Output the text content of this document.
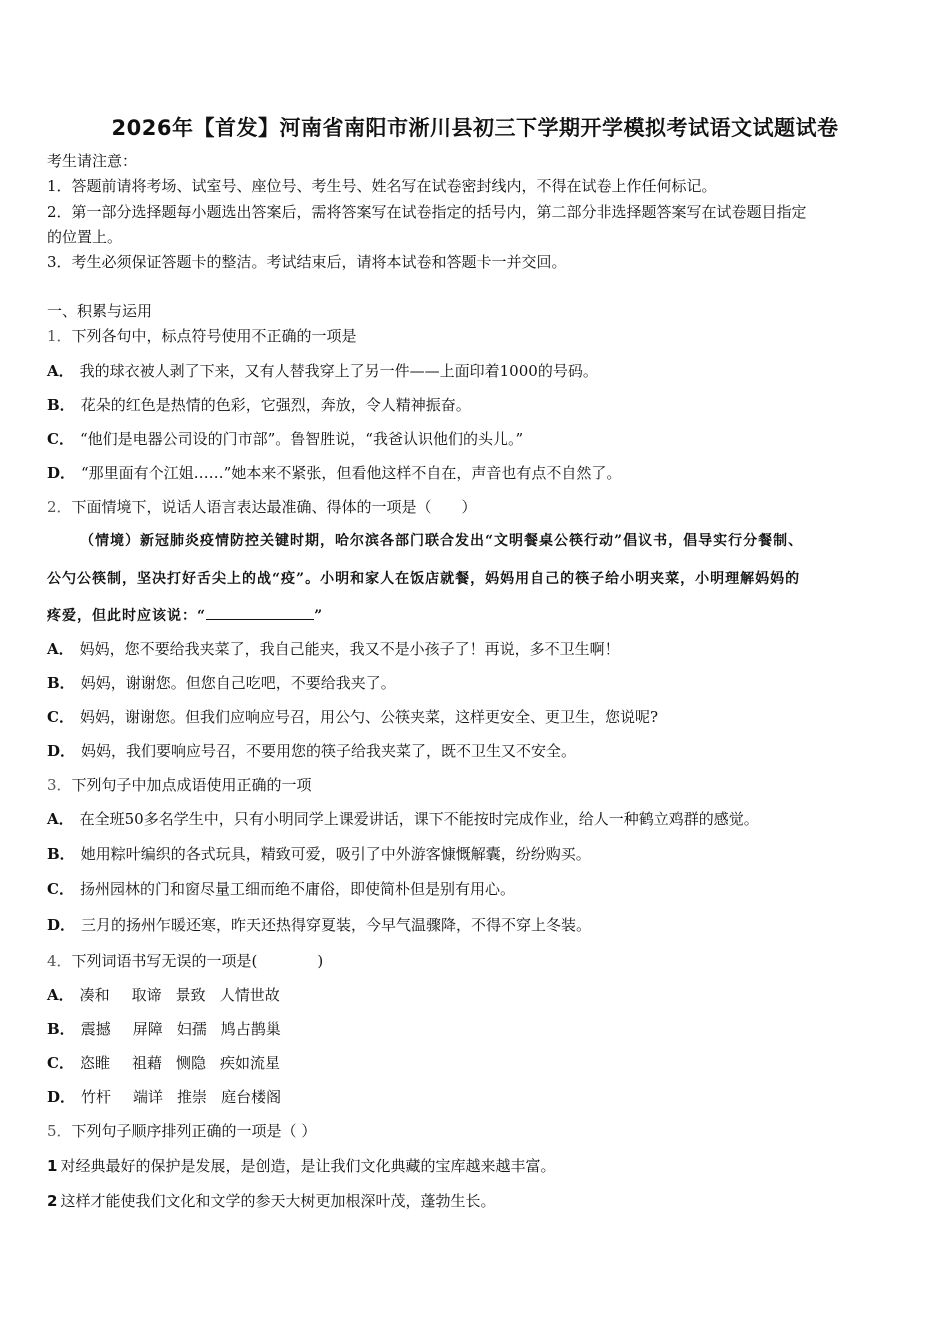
2026年【首发】河南省南阳市淅川县初三下学期开学模拟考试语文试题试卷
考生请注意：
1．答题前请将考场、试室号、座位号、考生号、姓名写在试卷密封线内，不得在试卷上作任何标记。
2．第一部分选择题每小题选出答案后，需将答案写在试卷指定的括号内，第二部分非选择题答案写在试卷题目指定
的位置上。
3．考生必须保证答题卡的整洁。考试结束后，请将本试卷和答题卡一并交回。
一、积累与运用
1．下列各句中，标点符号使用不正确的一项是
A． 我的球衣被人剥了下来，又有人替我穿上了另一件——上面印着1000的号码。
B． 花朵的红色是热情的色彩，它强烈，奔放，令人精神振奋。
C． “他们是电器公司设的门市部”。鲁智胜说，“我爸认识他们的头儿。”
D． “那里面有个江姐……”她本来不紧张，但看他这样不自在，声音也有点不自然了。
2．下面情境下，说话人语言表达最准确、得体的一项是（　　）
（情境）新冠肺炎疫情防控关键时期，哈尔滨各部门联合发出“文明餐桌公筷行动”倡议书，倡导实行分餐制、
公勺公筷制，坚决打好舌尖上的战“疫”。小明和家人在饭店就餐，妈妈用自己的筷子给小明夹菜，小明理解妈妈的
疼爱，但此时应该说：“	”
A． 妈妈，您不要给我夹菜了，我自己能夹，我又不是小孩子了！再说，多不卫生啊！
B． 妈妈，谢谢您。但您自己吃吧，不要给我夹了。
C． 妈妈，谢谢您。但我们应响应号召，用公勺、公筷夹菜，这样更安全、更卫生，您说呢?
D． 妈妈，我们要响应号召，不要用您的筷子给我夹菜了，既不卫生又不安全。
3．下列句子中加点成语使用正确的一项
A． 在全班50多名学生中，只有小明同学上课爱讲话，课下不能按时完成作业，给人一种鹤立鸡群的感觉。
B． 她用粽叶编织的各式玩具，精致可爱，吸引了中外游客慷慨解囊，纷纷购买。
C． 扬州园林的门和窗尽量工细而绝不庸俗，即使简朴但是别有用心。
D． 三月的扬州乍暖还寒，昨天还热得穿夏装，今早气温骤降，不得不穿上冬装。
4．下列词语书写无误的一项是(　　　　)
A． 凑和 取谛 景致 人情世故
B． 震撼 屏障 妇孺 鸠占鹊巢
C． 恣睢 祖藉 恻隐 疾如流星
D． 竹杆 端详 推崇 庭台楼阁
5．下列句子顺序排列正确的一项是（ ）
1 对经典最好的保护是发展，是创造，是让我们文化典藏的宝库越来越丰富。
2 这样才能使我们文化和文学的参天大树更加根深叶茂，蓬勃生长。
